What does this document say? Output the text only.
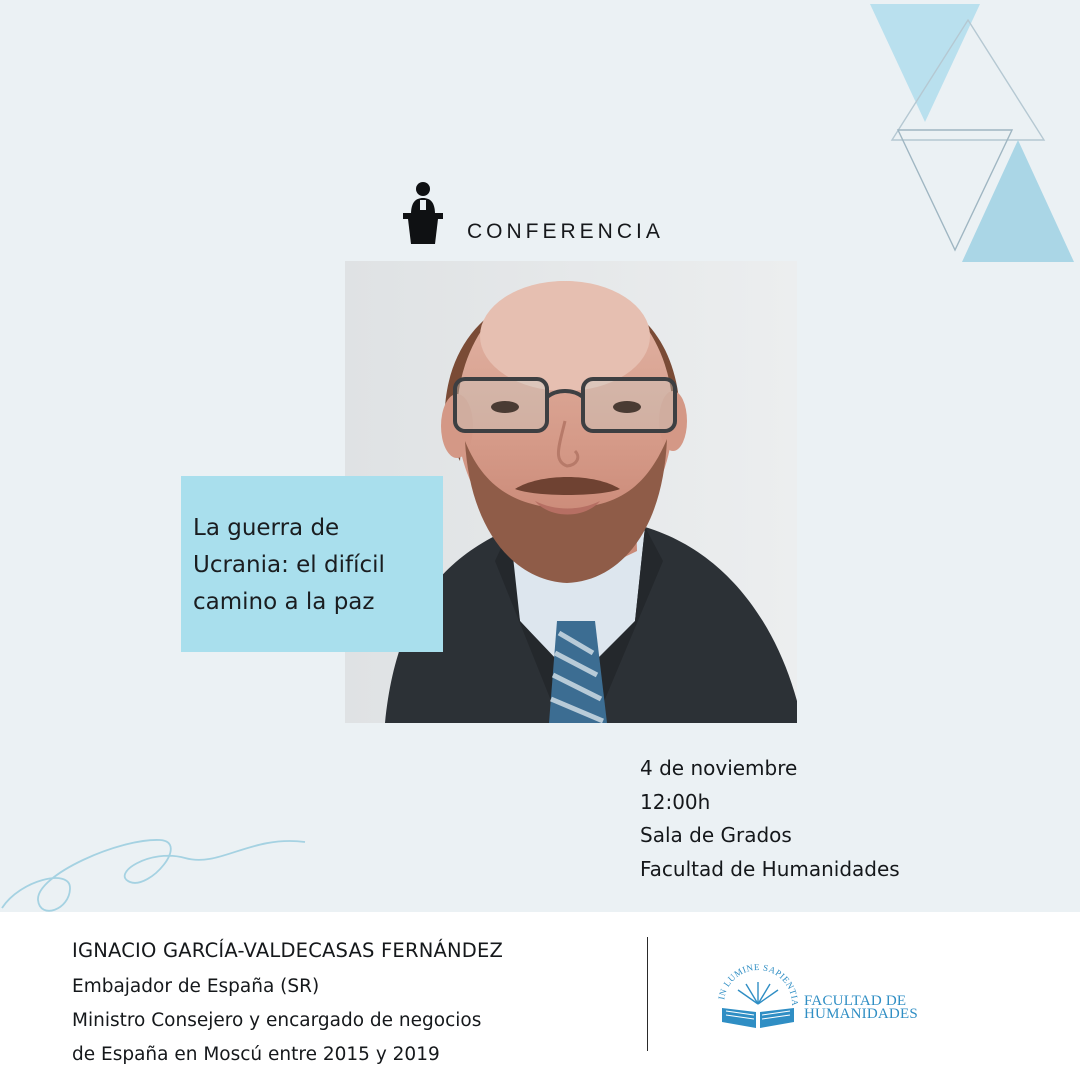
CONFERENCIA
La guerra de Ucrania: el difícil camino a la paz
4 de noviembre
12:00h
Sala de Grados
Facultad de Humanidades
IGNACIO GARCÍA-VALDECASAS FERNÁNDEZ
Embajador de España (SR)
Ministro Consejero y encargado de negocios
de España en Moscú entre 2015 y 2019
IN LUMINE SAPIENTIA FACULTAD DE
HUMANIDADES
